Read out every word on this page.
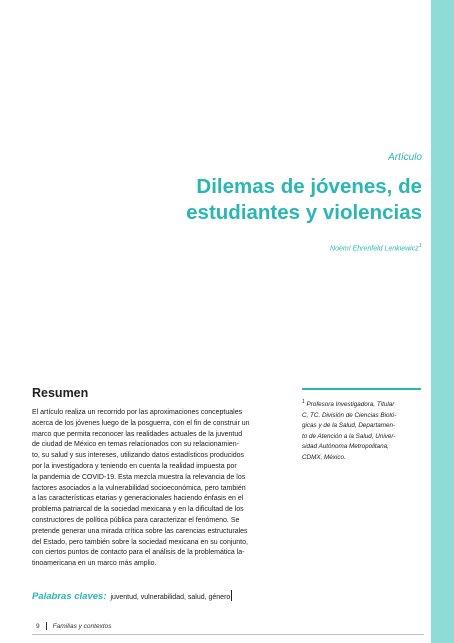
Artículo
Dilemas de jóvenes, de
estudiantes y violencias
Noemí Ehrenfeld Lenkiewicz$^1$
Resumen
El artículo realiza un recorrido por las aproximaciones conceptuales
acerca de los jóvenes luego de la posguerra, con el fin de construir un
marco que permita reconocer las realidades actuales de la juventud
de ciudad de México en temas relacionados con su relacionamien-
to, su salud y sus intereses, utilizando datos estadísticos producidos
por la investigadora y teniendo en cuenta la realidad impuesta por
la pandemia de COVID-19. Esta mezcla muestra la relevancia de los
factores asociados a la vulnerabilidad socioeconómica, pero también
a las características etarias y generacionales haciendo énfasis en el
problema patriarcal de la sociedad mexicana y en la dificultad de los
constructores de política pública para caracterizar el fenómeno. Se
pretende generar una mirada crítica sobre las carencias estructurales
del Estado, pero también sobre la sociedad mexicana en su conjunto,
con ciertos puntos de contacto para el análisis de la problemática la-
tinoamericana en un marco más amplio.
Palabras claves: juventud, vulnerabilidad, salud, género
$^1$ Profesora Investigadora, Titular
C, TC. División de Ciencias Bioló-
gicas y de la Salud, Departamen-
to de Atención a la Salud, Univer-
sidad Autónoma Metropolitana,
CDMX, México.
9 Familias y contextos
